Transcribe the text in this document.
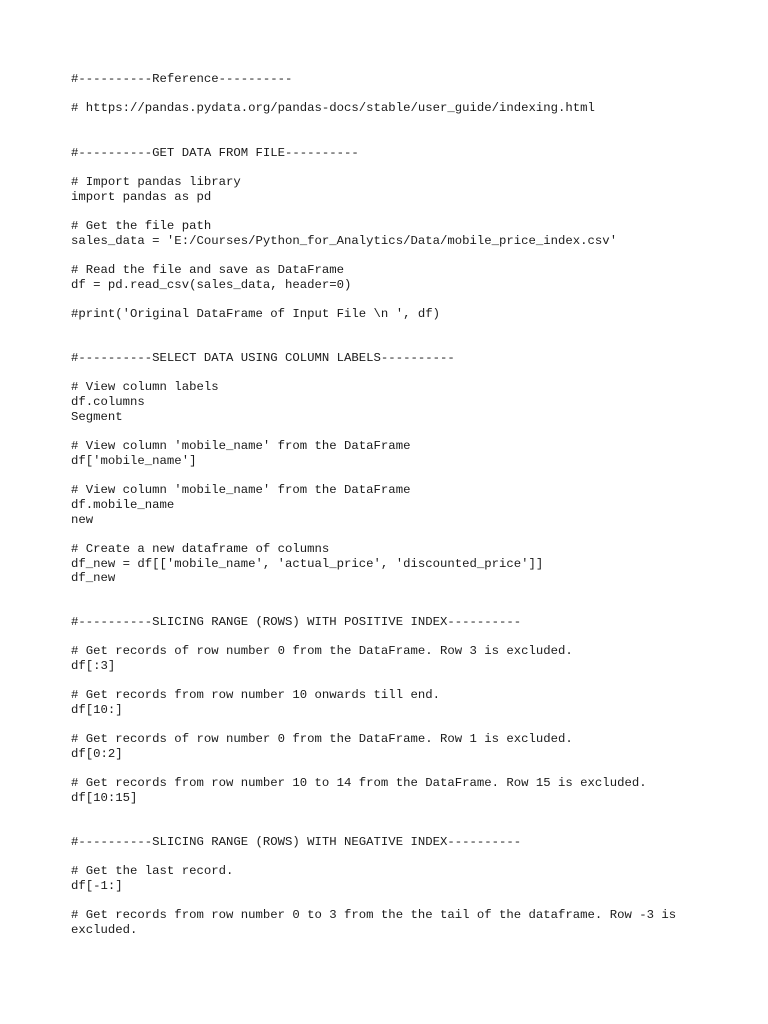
#----------Reference----------

# https://pandas.pydata.org/pandas-docs/stable/user_guide/indexing.html

#----------GET DATA FROM FILE----------

# Import pandas library

import pandas as pd

# Get the file path

sales_data = 'E:/Courses/Python_for_Analytics/Data/mobile_price_index.csv'

# Read the file and save as DataFrame

df = pd.read_csv(sales_data, header=0)

#print('Original DataFrame of Input File \n ', df)

#----------SELECT DATA USING COLUMN LABELS----------

# View column labels

df.columns

Segment

# View column 'mobile_name' from the DataFrame

df['mobile_name']

# View column 'mobile_name' from the DataFrame

df.mobile_name

new

# Create a new dataframe of columns

df_new = df[['mobile_name', 'actual_price', 'discounted_price']]

df_new

#----------SLICING RANGE (ROWS) WITH POSITIVE INDEX----------

# Get records of row number 0 from the DataFrame. Row 3 is excluded.

df[:3]

# Get records from row number 10 onwards till end.

df[10:]

# Get records of row number 0 from the DataFrame. Row 1 is excluded.

df[0:2]

# Get records from row number 10 to 14 from the DataFrame. Row 15 is excluded.

df[10:15]

#----------SLICING RANGE (ROWS) WITH NEGATIVE INDEX----------

# Get the last record.

df[-1:]

# Get records from row number 0 to 3 from the the tail of the dataframe. Row -3 is

excluded.
